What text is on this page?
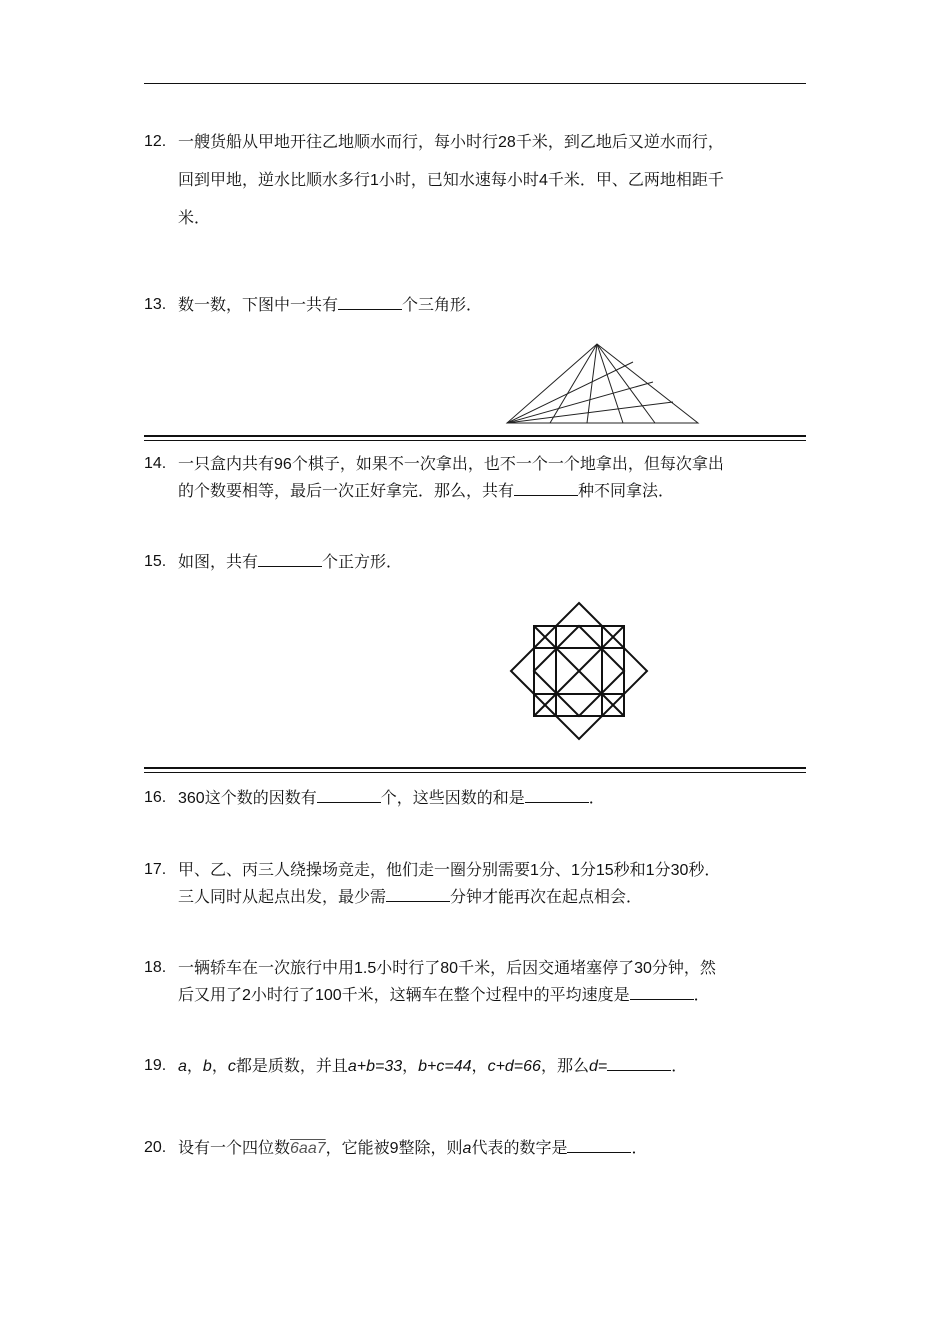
12. 一艘货船从甲地开往乙地顺水而行，每小时行28千米，到乙地后又逆水而行，
回到甲地，逆水比顺水多行1小时，已知水速每小时4千米．甲、乙两地相距千
米．
13. 数一数，下图中一共有	个三角形．
14. 一只盒内共有96个棋子，如果不一次拿出，也不一个一个地拿出，但每次拿出
的个数要相等，最后一次正好拿完．那么，共有	种不同拿法．
15. 如图，共有	个正方形．
16. 360这个数的因数有	个，这些因数的和是	．
17. 甲、乙、丙三人绕操场竞走，他们走一圈分别需要1分、1分15秒和1分30秒．
三人同时从起点出发，最少需	分钟才能再次在起点相会．
18. 一辆轿车在一次旅行中用1.5小时行了80千米，后因交通堵塞停了30分钟，然
后又用了2小时行了100千米，这辆车在整个过程中的平均速度是	．
19. a，b，c都是质数，并且a+b=33，b+c=44，c+d=66，那么d=	．
20. 设有一个四位数6aa7，它能被9整除，则a代表的数字是	．
